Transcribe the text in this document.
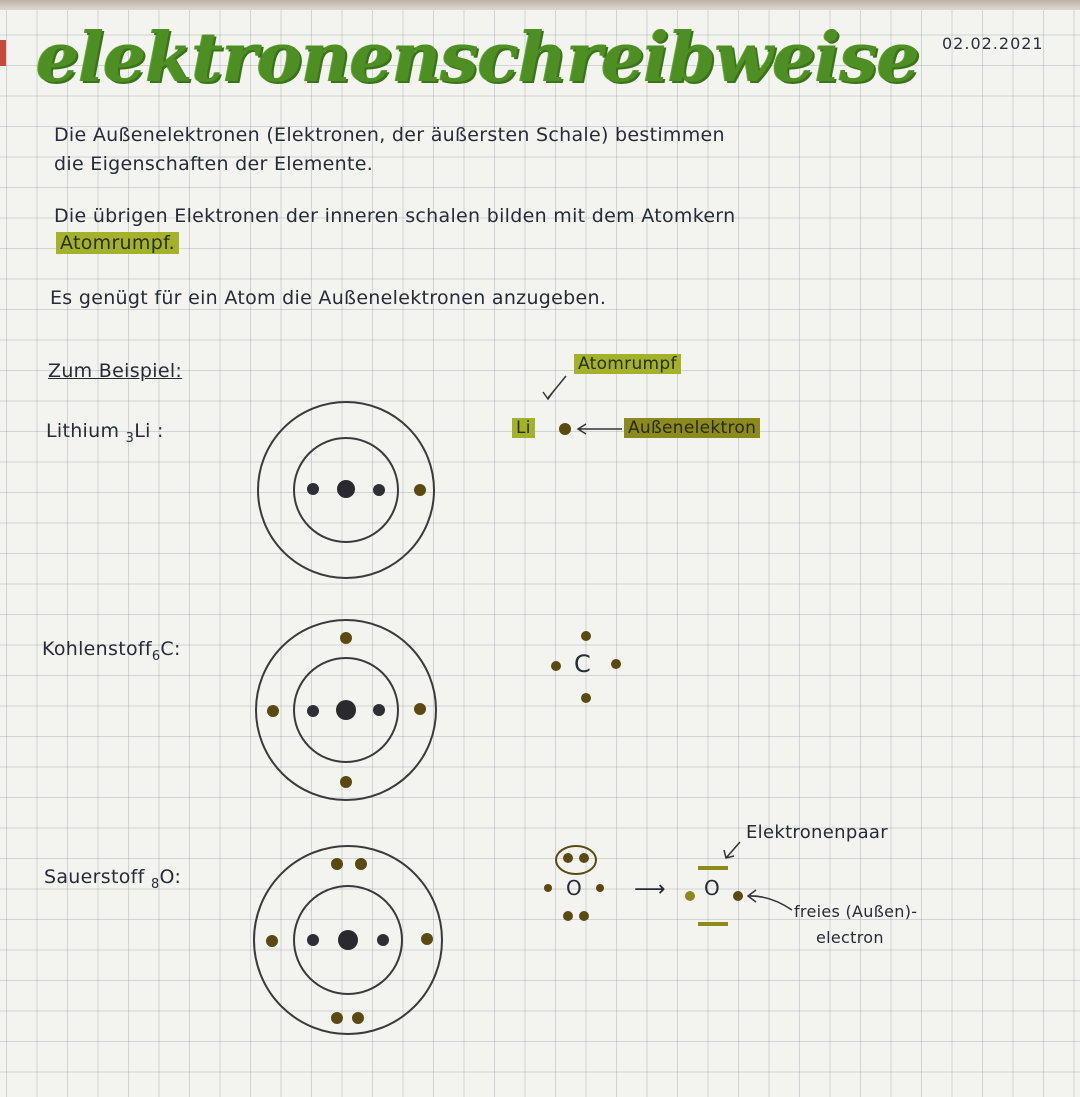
elektronenschreibweise 02.02.2021
Die Außenelektronen (Elektronen, der äußersten Schale) bestimmen
die Eigenschaften der Elemente.
Die übrigen Elektronen der inneren schalen bilden mit dem Atomkern
Atomrumpf.
Es genügt für ein Atom die Außenelektronen anzugeben.
Zum Beispiel:
Lithium $_3$Li :
Kohlenstoff$_6$C:
Sauerstoff $_8$O:
Atomrumpf
Li	Außenelektron
C
O ⟶ O
Elektronenpaar
freies (Außen)-
electron
